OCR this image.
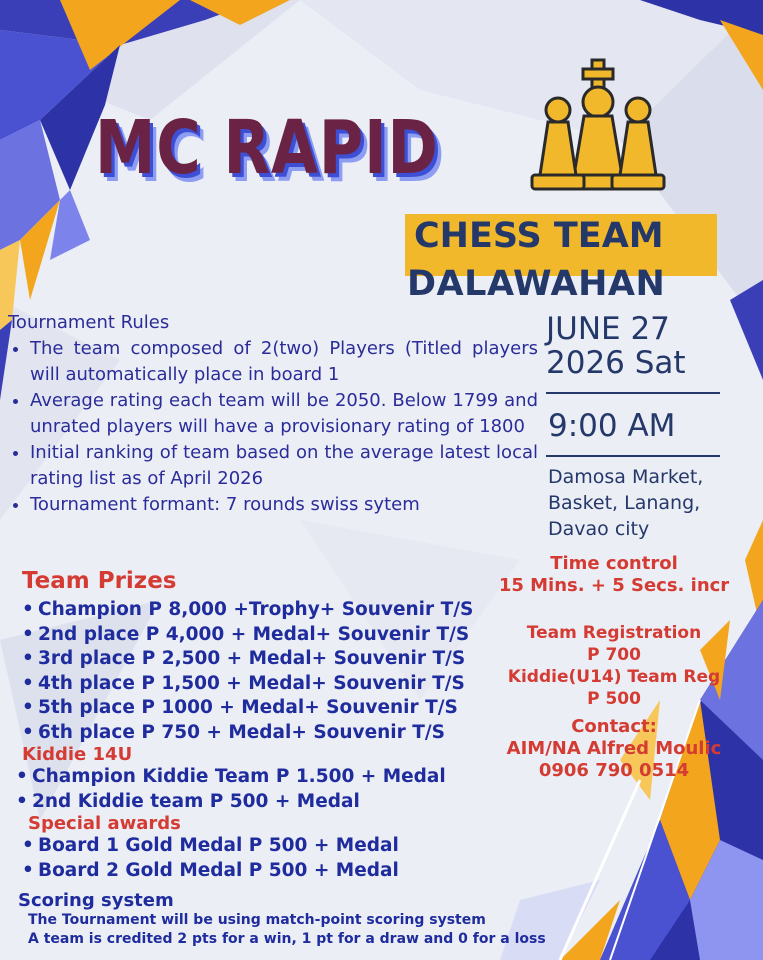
MC RAPID
CHESS TEAM
DALAWAHAN
Tournament Rules
• The team composed of 2(two) Players (Titled players will automatically place in board 1
• Average rating each team will be 2050. Below 1799 and unrated players will have a provisionary rating of 1800
• Initial ranking of team based on the average latest local rating list as of April 2026
• Tournament formant: 7 rounds swiss sytem
JUNE 27
2026 Sat
9:00 AM
Damosa Market,
Basket, Lanang,
Davao city
Time control
15 Mins. + 5 Secs. incr
Team Registration
P 700
Kiddie(U14) Team Reg
P 500
Contact:
AIM/NA Alfred Moulic
0906 790 0514
Team Prizes
• Champion P 8,000 +Trophy+ Souvenir T/S
• 2nd place P 4,000 + Medal+ Souvenir T/S
• 3rd place P 2,500 + Medal+ Souvenir T/S
• 4th place P 1,500 + Medal+ Souvenir T/S
• 5th place P 1000 + Medal+ Souvenir T/S
• 6th place P 750 + Medal+ Souvenir T/S
Kiddie 14U
• Champion Kiddie Team P 1.500 + Medal
• 2nd Kiddie team P 500 + Medal
Special awards
• Board 1 Gold Medal P 500 + Medal
• Board 2 Gold Medal P 500 + Medal
Scoring system
The Tournament will be using match-point scoring system
A team is credited 2 pts for a win, 1 pt for a draw and 0 for a loss
